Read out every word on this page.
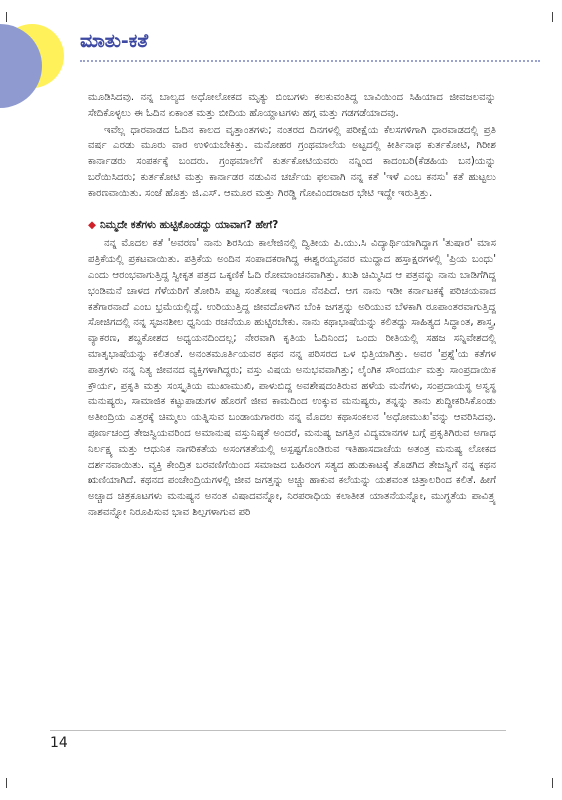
ಮಾತು-ಕತೆ

ಮೂಡಿಸಿದವು. ನನ್ನ ಬಾಲ್ಯದ ಅಧೋಲೋಕದ ಮೃತ್ಯು ಬಿಂಬಗಳು ಕಲಕುವಂತಿದ್ದ ಬಾವಿಯಿಂದ ಸಿಹಿಯಾದ ಜೀವಜಲವನ್ನು ಸೇದಿಕೊಳ್ಳಲು ಈ ಓದಿನ ಏಕಾಂತ ಮತ್ತು ಬೀದಿಯ ಹೊಯ್ದಾಟಗಳು ಹಗ್ಗ ಮತ್ತು ಗಡಗಡೆಯಾದವು.

ಇವೆಲ್ಲ ಧಾರವಾಡದ ಓದಿನ ಕಾಲದ ವೃತ್ತಾಂತಗಳು; ನಂತರದ ದಿನಗಳಲ್ಲಿ ಪರೀಕ್ಷೆಯ ಕೆಲಸಗಳಿಗಾಗಿ ಧಾರವಾಡದಲ್ಲಿ ಪ್ರತಿ ವರ್ಷ ಎರಡು ಮೂರು ವಾರ ಉಳಿಯಬೇಕಿತ್ತು. ಮನೋಹರ ಗ್ರಂಥಮಾಲೆಯ ಅಟ್ಟದಲ್ಲಿ ಕೀರ್ತಿನಾಥ ಕುರ್ತಕೋಟಿ, ಗಿರೀಶ ಕಾರ್ನಾಡರು ಸಂಪರ್ಕಕ್ಕೆ ಬಂದರು. ಗ್ರಂಥಮಾಲೆಗೆ ಕುರ್ತಕೋಟಿಯವರು ನನ್ನಿಂದ ಕಾದಂಬರಿ(ಕೆಡಹಿಯ ಬನ)ಯನ್ನು ಬರೆಯಿಸಿದರು; ಕುರ್ತಕೋಟಿ ಮತ್ತು ಕಾರ್ನಾಡರ ನಡುವಿನ ಚರ್ಚೆಯ ಫಲವಾಗಿ ನನ್ನ ಕತೆ 'ಇಳೆ ಎಂಬ ಕನಸು' ಕತೆ ಹುಟ್ಟಲು ಕಾರಣವಾಯಿತು. ಸಂಜೆ ಹೊತ್ತು ಜಿ.ಎಸ್. ಆಮೂರ ಮತ್ತು ಗಿರಡ್ಡಿ ಗೋವಿಂದರಾಜರ ಭೇಟಿ ಇದ್ದೇ ಇರುತ್ತಿತ್ತು.

◆ ನಿಮ್ಮದೇ ಕತೆಗಳು ಹುಟ್ಟಿಕೊಂಡದ್ದು ಯಾವಾಗ? ಹೇಗೆ?

ನನ್ನ ಮೊದಲ ಕತೆ 'ಅವರಣ' ನಾನು ಶಿರಸಿಯ ಕಾಲೇಜಿನಲ್ಲಿ ದ್ವಿತೀಯ ಪಿ.ಯು.ಸಿ ವಿದ್ಯಾರ್ಥಿಯಾಗಿದ್ದಾಗ 'ತುಷಾರ' ಮಾಸ ಪತ್ರಿಕೆಯಲ್ಲಿ ಪ್ರಕಟವಾಯಿತು. ಪತ್ರಿಕೆಯ ಅಂದಿನ ಸಂಪಾದಕರಾಗಿದ್ದ ಈಶ್ವರಯ್ಯನವರ ಮುದ್ದಾದ ಹಸ್ತಾಕ್ಷರಗಳಲ್ಲಿ 'ಪ್ರಿಯ ಬಂಧು' ಎಂದು ಆರಂಭವಾಗುತ್ತಿದ್ದ ಸ್ವೀಕೃತ ಪತ್ರದ ಒಕ್ಕಣಿಕೆ ಓದಿ ರೋಮಾಂಚನವಾಗಿತ್ತು. ಖುಶಿ ಚಿಮ್ಮಿಸಿದ ಆ ಪತ್ರವನ್ನು ನಾನು ಬಾಡಿಗೆಗಿದ್ದ ಭಂಡಿಮನೆ ಚಾಳದ ಗೆಳೆಯರಿಗೆ ತೋರಿಸಿ ಪಟ್ಟ ಸಂತೋಷ ಇಂದೂ ನೆನಪಿದೆ. ಆಗ ನಾನು ಇಡೀ ಕರ್ನಾಟಕಕ್ಕೆ ಪರಿಚಯವಾದ ಕತೆಗಾರನಾದೆ ಎಂಬ ಭ್ರಮೆಯಲ್ಲಿದ್ದೆ. ಉರಿಯುತ್ತಿದ್ದ ಜೀವದೊಳಗಿನ ಬೆಂಕಿ ಜಗತ್ತನ್ನು ಅರಿಯುವ ಬೆಳಕಾಗಿ ರೂಪಾಂತರವಾಗುತ್ತಿದ್ದ ಸೋಜಿಗದಲ್ಲಿ ನನ್ನ ಸೃಜನಶೀಲ ಧ್ವನಿಯ ರಚನೆಯೂ ಹುಟ್ಟಿರಬೇಕು. ನಾನು ಕಥಾಭಾಷೆಯನ್ನು ಕಲಿತದ್ದು ಸಾಹಿತ್ಯದ ಸಿದ್ಧಾಂತ, ಶಾಸ್ತ್ರ, ವ್ಯಾಕರಣ, ಶಬ್ದಕೋಶದ ಅಧ್ಯಯನದಿಂದಲ್ಲ; ನೇರವಾಗಿ ಕೃತಿಯ ಓದಿನಿಂದ; ಒಂದು ರೀತಿಯಲ್ಲಿ ಸಹಜ ಸನ್ನಿವೇಶದಲ್ಲಿ ಮಾತೃಭಾಷೆಯನ್ನು ಕಲಿತಂತೆ. ಅನಂತಮೂರ್ತಿಯವರ ಕಥನ ನನ್ನ ಪರಿಸರದ ಒಳ ಭಿತ್ತಿಯಾಗಿತ್ತು. ಅವರ 'ಪ್ರಶ್ನೆ'ಯ ಕತೆಗಳ ಪಾತ್ರಗಳು ನನ್ನ ನಿತ್ಯ ಜೀವನದ ವ್ಯಕ್ತಿಗಳಾಗಿದ್ದರು; ವಸ್ತು ವಿಷಯ ಅನುಭವವಾಗಿತ್ತು; ಲೈಂಗಿಕ ಸೌಂದರ್ಯ ಮತ್ತು ಸಾಂಪ್ರದಾಯಿಕ ಕ್ರೌರ್ಯ, ಪ್ರಕೃತಿ ಮತ್ತು ಸಂಸ್ಕೃತಿಯ ಮುಖಾಮುಖಿ, ಪಾಳುಬಿದ್ದ ಅವಶೇಷದಂತಿರುವ ಹಳೆಯ ಮನೆಗಳು, ಸಂಪ್ರದಾಯಸ್ಥ ಅಸ್ವಸ್ಥ ಮನುಷ್ಯರು, ಸಾಮಾಜಿಕ ಕಟ್ಟುಪಾಡುಗಳ ಹೊರಗೆ ಜೀವ ಕಾಮದಿಂದ ಉಕ್ಕುವ ಮನುಷ್ಯರು, ತನ್ನನ್ನು ತಾನು ಶುದ್ಧೀಕರಿಸಿಕೊಂಡು ಅತೀಂದ್ರಿಯ ಎತ್ತರಕ್ಕೆ ಚಿಮ್ಮಲು ಯತ್ನಿಸುವ ಬಂಡಾಯಗಾರರು ನನ್ನ ಮೊದಲ ಕಥಾಸಂಕಲನ 'ಅಧೋಮುಖ'ವನ್ನು ಆವರಿಸಿದವು. ಪೂರ್ಣಚಂದ್ರ ತೇಜಸ್ವಿಯವರಿಂದ ಅಮಾನುಷ ವಸ್ತುನಿಷ್ಠತೆ ಅಂದರೆ, ಮನುಷ್ಯ ಜಗತ್ತಿನ ವಿದ್ಯಮಾನಗಳ ಬಗ್ಗೆ ಪ್ರಕೃತಿಗಿರುವ ಅಗಾಧ ನಿರ್ಲಕ್ಷ್ಯ ಮತ್ತು ಆಧುನಿಕ ನಾಗರಿಕತೆಯ ಅಸಂಗತತೆಯಲ್ಲಿ ಅಸ್ಪಷ್ಟಗೊಂಡಿರುವ ಇತಿಹಾಸದಾಚೆಯ ಅತಂತ್ರ ಮನುಷ್ಯ ಲೋಕದ ದರ್ಶನವಾಯಿತು. ವ್ಯಕ್ತಿ ಕೇಂದ್ರಿತ ಬರವಣಿಗೆಯಿಂದ ಸಮಾಜದ ಬಹಿರಂಗ ಸತ್ಯದ ಹುಡುಕಾಟಕ್ಕೆ ತೊಡಗಿದ ತೇಜಸ್ವಿಗೆ ನನ್ನ ಕಥನ ಋಣಿಯಾಗಿದೆ. ಕಥನದ ಪಂಚೇಂದ್ರಿಯಗಳಲ್ಲಿ ಜೀವ ಜಗತ್ತನ್ನು ಅಚ್ಚು ಹಾಕುವ ಕಲೆಯನ್ನು ಯಶವಂತ ಚಿತ್ತಾಲರಿಂದ ಕಲಿತೆ. ಹೀಗೆ ಅಚ್ಚಾದ ಚಿತ್ರಕೂಟಗಳು ಮನುಷ್ಯನ ಅನಂತ ವಿಷಾದವನ್ನೋ, ನಿರಪರಾಧಿಯ ಕಲಾತೀತ ಯಾತನೆಯನ್ನೋ, ಮುಗ್ಧತೆಯ ಪಾವಿತ್ರ್ಯ ನಾಶವನ್ನೋ ನಿರೂಪಿಸುವ ಭಾವ ಶಿಲ್ಪಗಳಾಗುವ ಪರಿ

14
